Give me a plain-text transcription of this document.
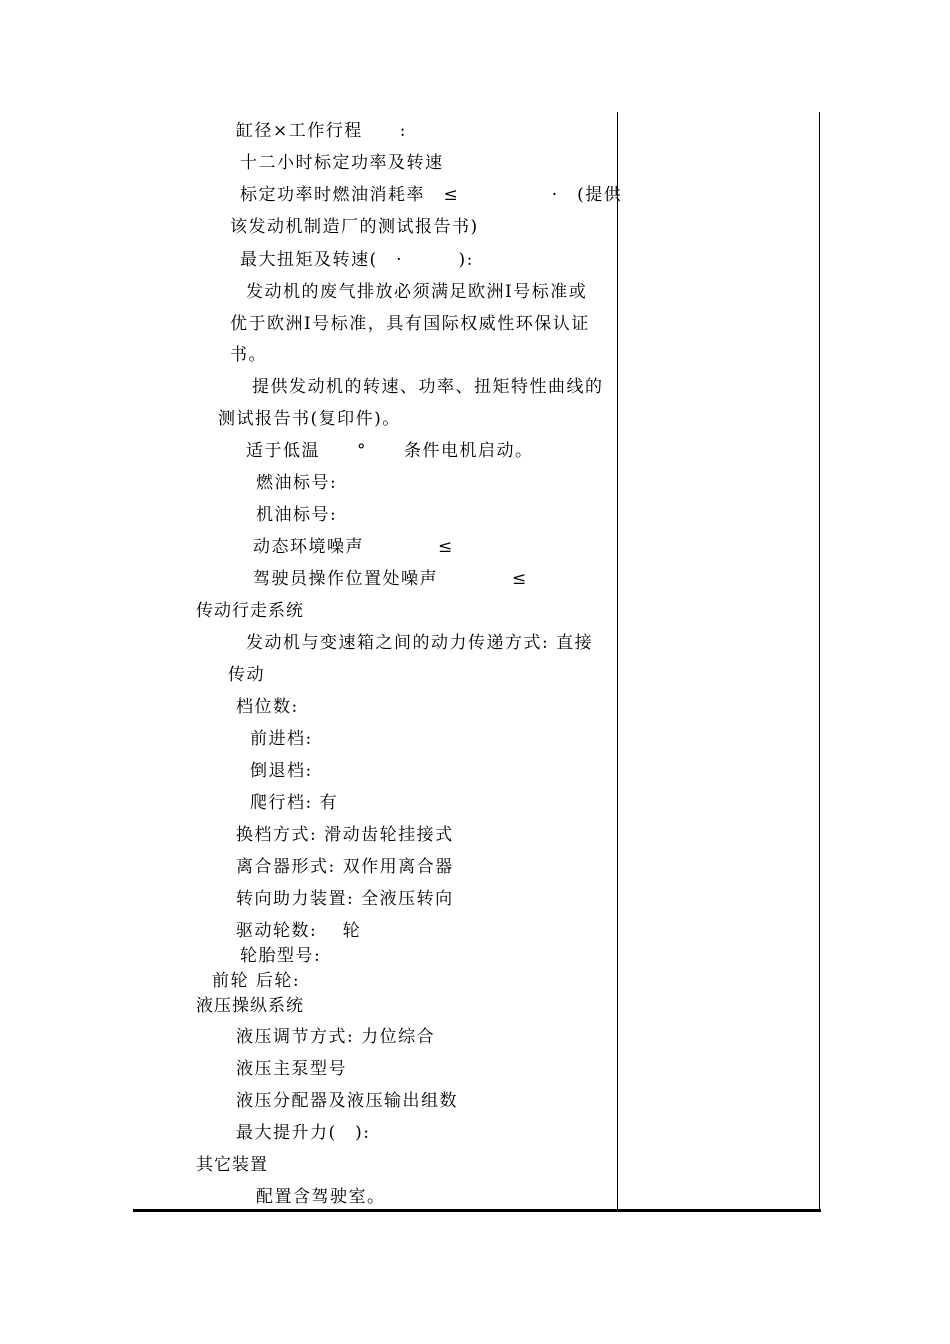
缸径×工作行程　　:
十二小时标定功率及转速
标定功率时燃油消耗率　≤　　　　　·　(提供
该发动机制造厂的测试报告书)
最大扭矩及转速(　·　　　):
发动机的废气排放必须满足欧洲Ⅰ号标准或
优于欧洲Ⅰ号标准，具有国际权威性环保认证
书。
提供发动机的转速、功率、扭矩特性曲线的
测试报告书(复印件)。
适于低温　　°　　条件电机启动。
燃油标号:
机油标号:
动态环境噪声　　　　≤
驾驶员操作位置处噪声　　　　≤
传动行走系统
发动机与变速箱之间的动力传递方式: 直接
传动
档位数:
前进档:
倒退档:
爬行档: 有
换档方式: 滑动齿轮挂接式
离合器形式: 双作用离合器
转向助力装置: 全液压转向
驱动轮数:　 轮
轮胎型号:
前轮 后轮:
液压操纵系统
液压调节方式: 力位综合
液压主泵型号
液压分配器及液压输出组数
最大提升力(　):
其它装置
配置含驾驶室。
